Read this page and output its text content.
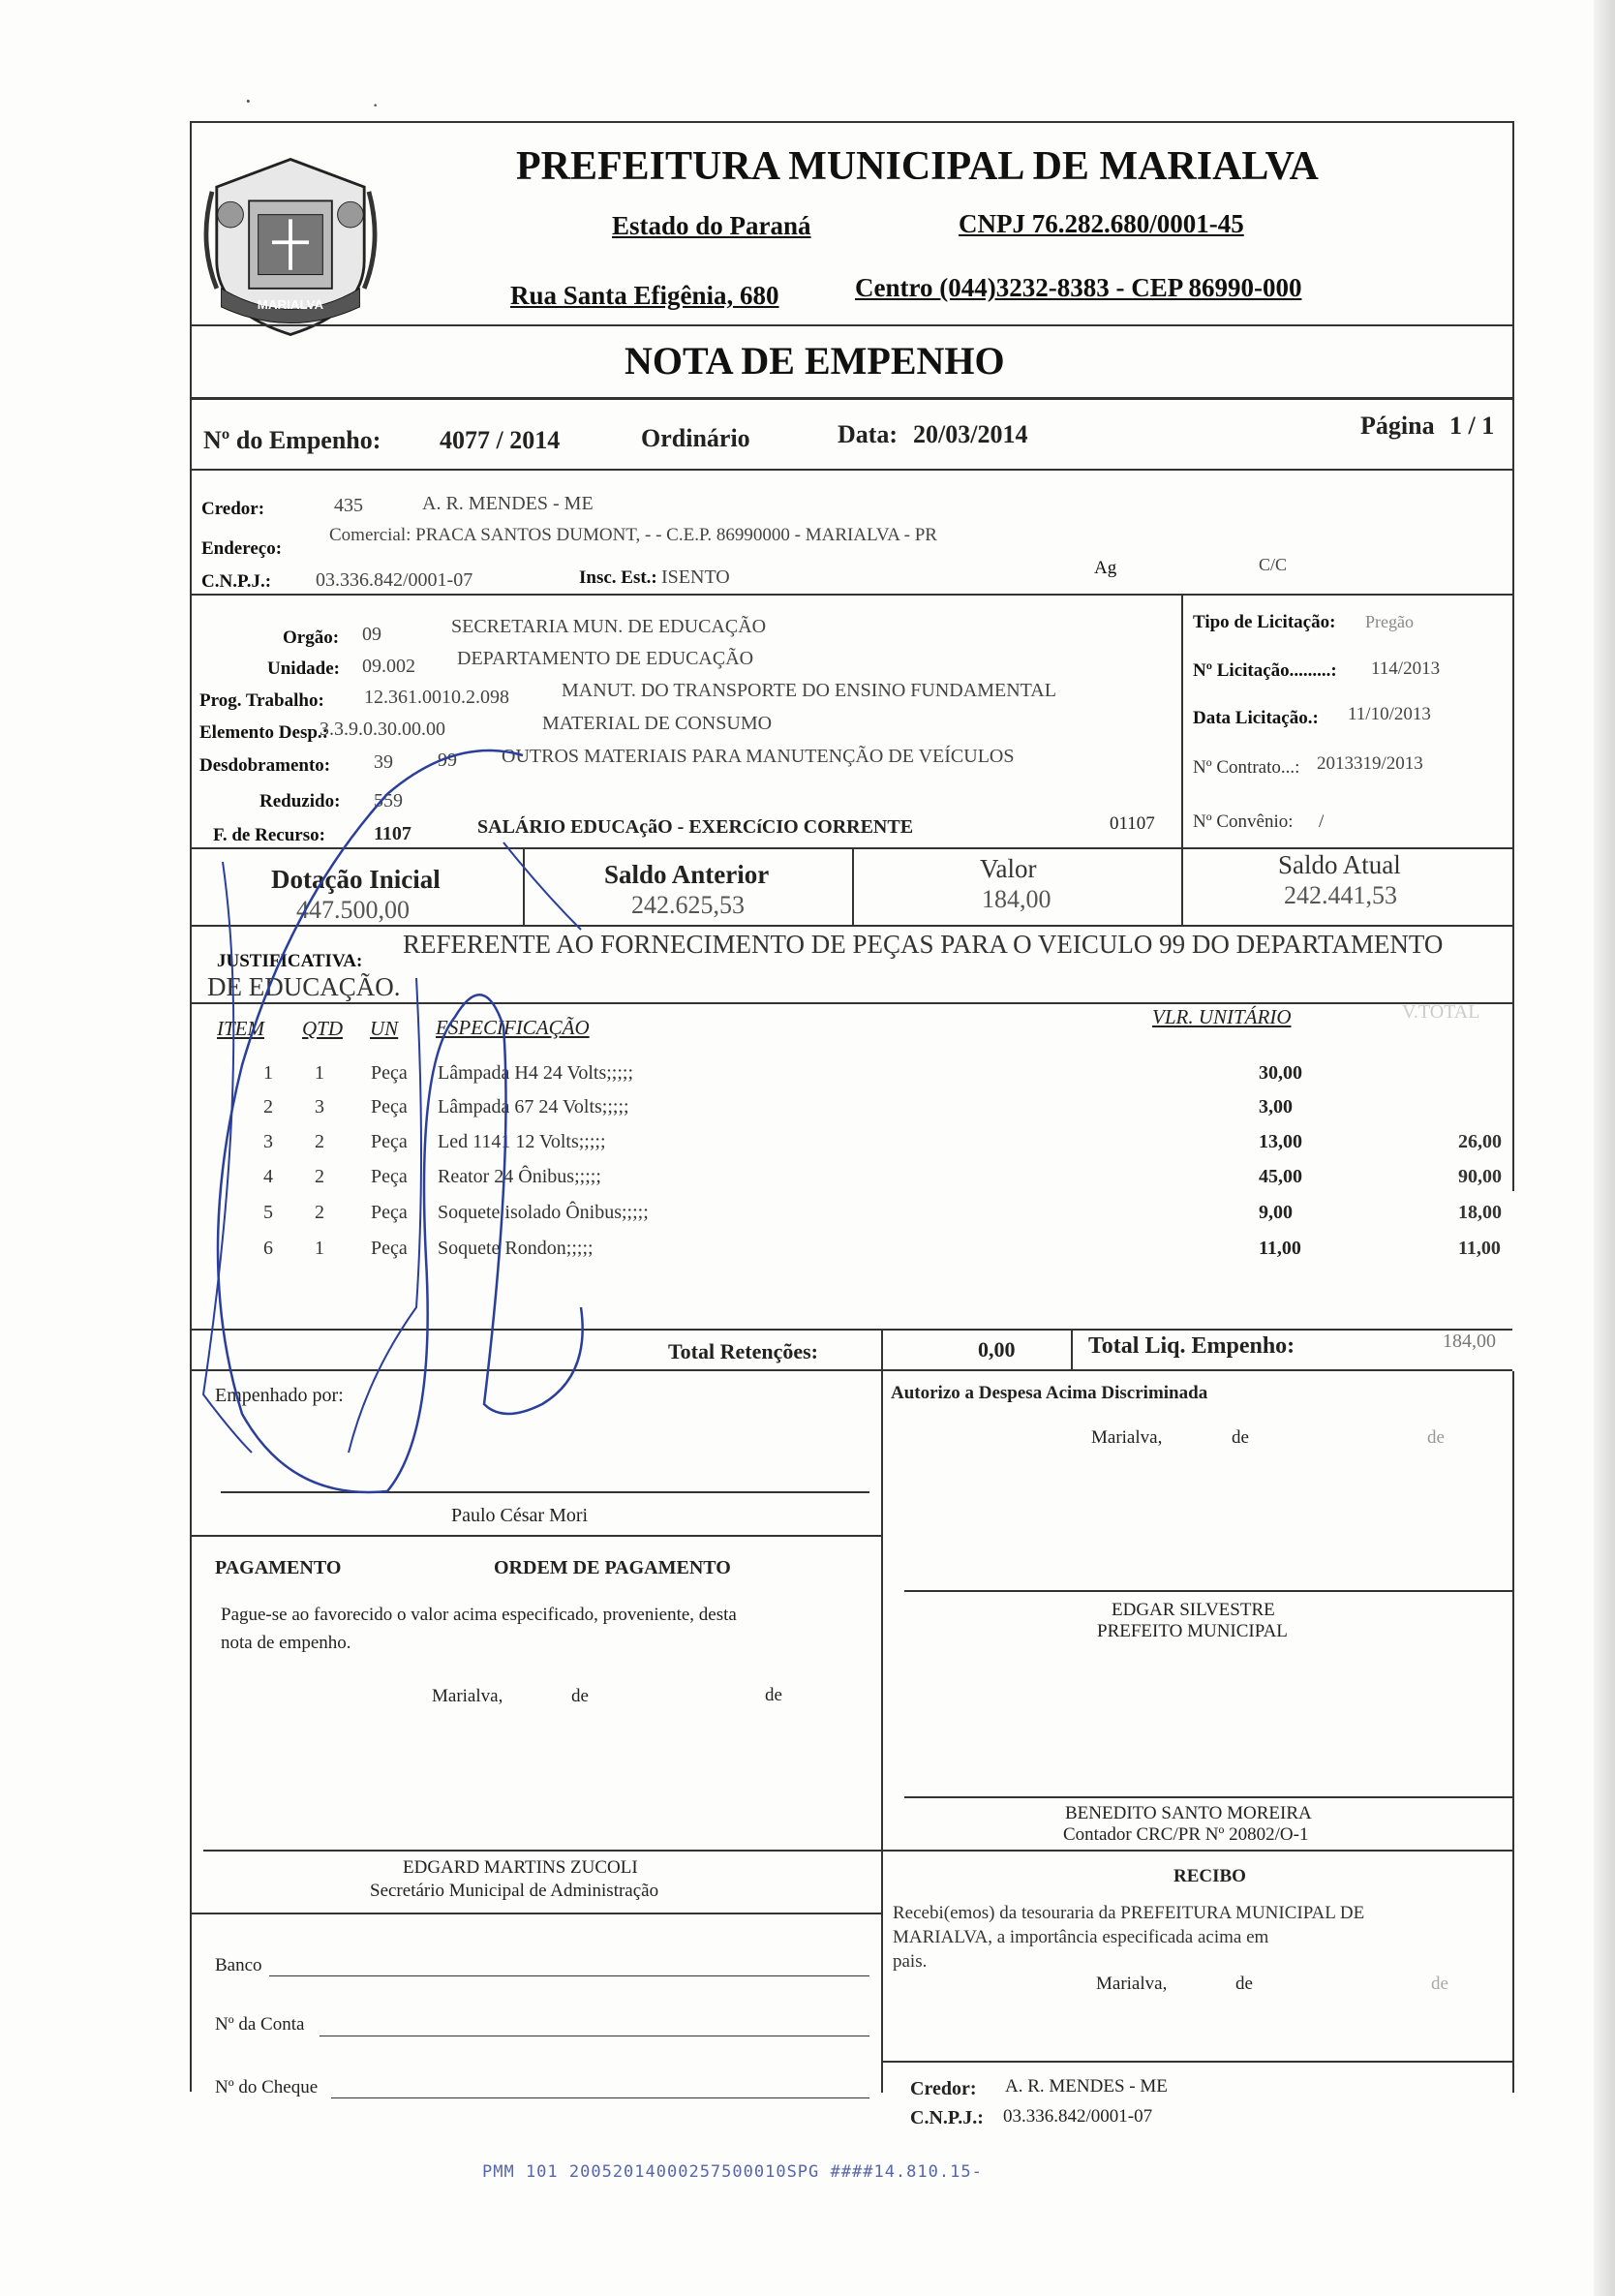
·	·
MARIALVA
PREFEITURA MUNICIPAL DE MARIALVA
Estado do Paraná	CNPJ 76.282.680/0001-45
Rua Santa Efigênia, 680	Centro (044)3232-8383 - CEP 86990-000
NOTA DE EMPENHO
Nº do Empenho: 4077 / 2014	Ordinário	Data: 20/03/2014	Página 1 / 1
Credor:	435	A. R. MENDES - ME
Endereço:
Comercial: PRACA SANTOS DUMONT, - - C.E.P. 86990000 - MARIALVA - PR
C.N.P.J.: 03.336.842/0001-07	Insc. Est.: ISENTO	Ag	C/C
Orgão: 09	SECRETARIA MUN. DE EDUCAÇÃO
Unidade: 09.002 DEPARTAMENTO DE EDUCAÇÃO
Prog. Trabalho: 12.361.0010.2.098	MANUT. DO TRANSPORTE DO ENSINO FUNDAMENTAL
Elemento Desp.:
3.3.9.0.30.00.00	MATERIAL DE CONSUMO
Desdobramento: 39 99 OUTROS MATERIAIS PARA MANUTENÇÃO DE VEÍCULOS
Reduzido: 559
F. de Recurso:	1107	SALÁRIO EDUCAçãO - EXERCíCIO CORRENTE	01107
Tipo de Licitação: Pregão
Nº Licitação.........: 114/2013
Data Licitação.: 11/10/2013
Nº Contrato...: 2013319/2013
Nº Convênio: /
Dotação Inicial
447.500,00
Saldo Anterior
242.625,53
Valor
184,00
Saldo Atual
242.441,53
JUSTIFICATIVA:
REFERENTE AO FORNECIMENTO DE PEÇAS PARA O VEICULO 99 DO DEPARTAMENTO
DE EDUCAÇÃO.
ITEM QTD UN ESPECIFICAÇÃO	VLR. UNITÁRIO	V.TOTAL
1 1 Peça Lâmpada H4 24 Volts;;;;;	30,00
2 3 Peça Lâmpada 67 24 Volts;;;;;	3,00
3 2 Peça Led 1141 12 Volts;;;;;	13,00	26,00
4 2 Peça Reator 24 Ônibus;;;;;	45,00	90,00
5 2 Peça Soquete isolado Ônibus;;;;;	9,00	18,00
6 1 Peça Soquete Rondon;;;;;	11,00	11,00
Total Retenções:	0,00	Total Liq. Empenho:	184,00
Empenhado por:
Paulo César Mori
Autorizo a Despesa Acima Discriminada
Marialva,	de	de
PAGAMENTO	ORDEM DE PAGAMENTO
Pague-se ao favorecido o valor acima especificado, proveniente, desta
nota de empenho.
Marialva,	de	de
EDGAR SILVESTRE
PREFEITO MUNICIPAL
BENEDITO SANTO MOREIRA
Contador CRC/PR Nº 20802/O-1
RECIBO
Recebi(emos) da tesouraria da PREFEITURA MUNICIPAL DE
MARIALVA, a importância especificada acima em
pais.
Marialva,	de	de
EDGARD MARTINS ZUCOLI
Secretário Municipal de Administração
Banco
Nº da Conta
Nº do Cheque	Credor: A. R. MENDES - ME
C.N.P.J.: 03.336.842/0001-07
PMM 101 20052014000257500010SPG ####14.810.15-
